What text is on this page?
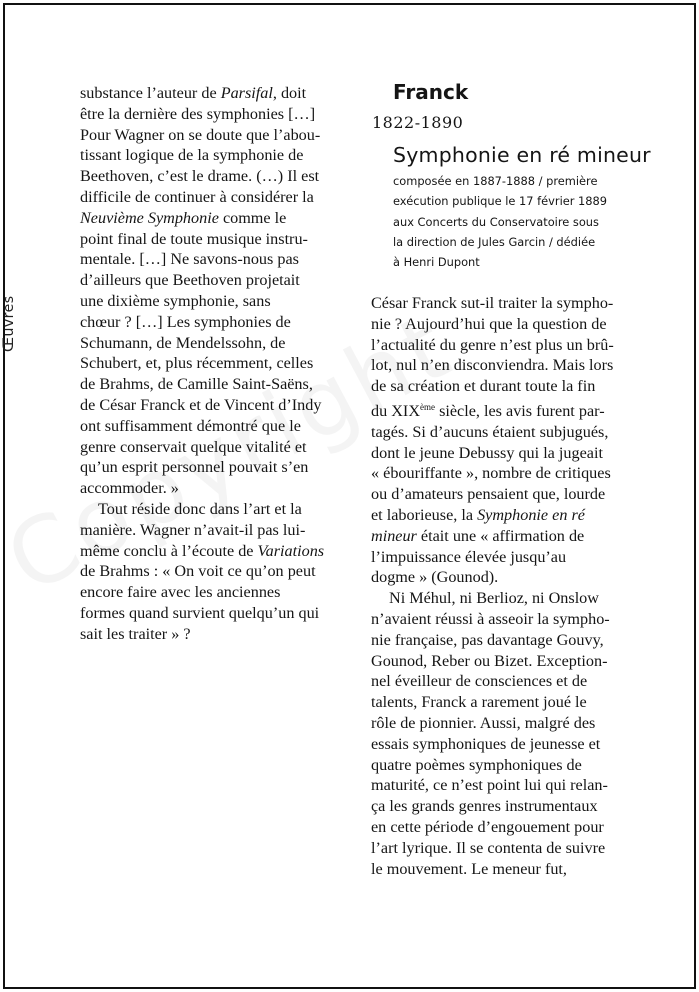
Œuvres

substance l’auteur de Parsifal, doit
être la dernière des symphonies […]
Pour Wagner on se doute que l’abou-
tissant logique de la symphonie de
Beethoven, c’est le drame. (…) Il est
difficile de continuer à considérer la
Neuvième Symphonie comme le
point final de toute musique instru-
mentale. […] Ne savons-nous pas
d’ailleurs que Beethoven projetait
une dixième symphonie, sans
chœur ? […] Les symphonies de
Schumann, de Mendelssohn, de
Schubert, et, plus récemment, celles
de Brahms, de Camille Saint-Saëns,
de César Franck et de Vincent d’Indy
ont suffisamment démontré que le
genre conservait quelque vitalité et
qu’un esprit personnel pouvait s’en
accommoder. »

Tout réside donc dans l’art et la
manière. Wagner n’avait-il pas lui-
même conclu à l’écoute de Variations
de Brahms : « On voit ce qu’on peut
encore faire avec les anciennes
formes quand survient quelqu’un qui
sait les traiter » ?

Franck
1822-1890
Symphonie en ré mineur
composée en 1887-1888 / première
exécution publique le 17 février 1889
aux Concerts du Conservatoire sous
la direction de Jules Garcin / dédiée
à Henri Dupont

César Franck sut-il traiter la sympho-
nie ? Aujourd’hui que la question de
l’actualité du genre n’est plus un brû-
lot, nul n’en disconviendra. Mais lors
de sa création et durant toute la fin
du XIXème siècle, les avis furent par-
tagés. Si d’aucuns étaient subjugués,
dont le jeune Debussy qui la jugeait
« ébouriffante », nombre de critiques
ou d’amateurs pensaient que, lourde
et laborieuse, la Symphonie en ré
mineur était une « affirmation de
l’impuissance élevée jusqu’au
dogme » (Gounod).

Ni Méhul, ni Berlioz, ni Onslow
n’avaient réussi à asseoir la sympho-
nie française, pas davantage Gouvy,
Gounod, Reber ou Bizet. Exception-
nel éveilleur de consciences et de
talents, Franck a rarement joué le
rôle de pionnier. Aussi, malgré des
essais symphoniques de jeunesse et
quatre poèmes symphoniques de
maturité, ce n’est point lui qui relan-
ça les grands genres instrumentaux
en cette période d’engouement pour
l’art lyrique. Il se contenta de suivre
le mouvement. Le meneur fut,
